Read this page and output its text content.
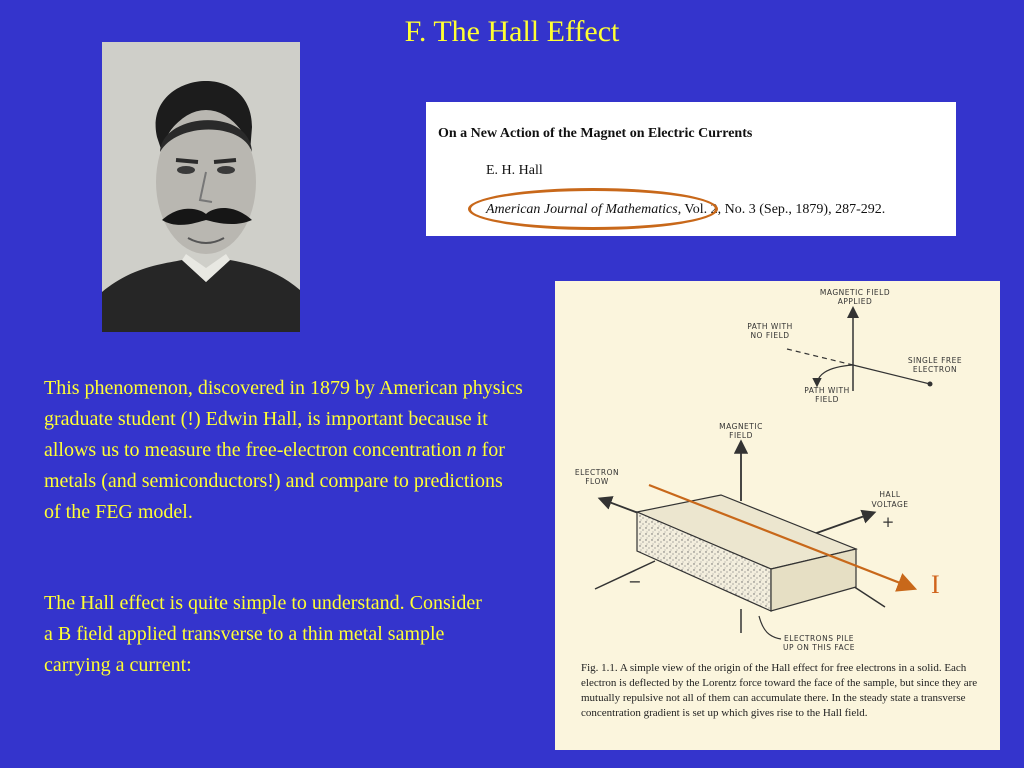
F. The Hall Effect
On a New Action of the Magnet on Electric Currents
E. H. Hall
American Journal of Mathematics, Vol. 2, No. 3 (Sep., 1879), 287-292.

This phenomenon, discovered in 1879 by American physics graduate student (!) Edwin Hall, is important because it allows us to measure the free-electron concentration n for metals (and semiconductors!) and compare to predictions of the FEG model.

The Hall effect is quite simple to understand. Consider a B field applied transverse to a thin metal sample carrying a current:

MAGNETIC FIELD
APPLIED
PATH WITH
NO FIELD
SINGLE FREE
ELECTRON
PATH WITH
FIELD
MAGNETIC
FIELD
ELECTRON
FLOW
HALL
VOLTAGE
+
−
ELECTRONS PILE
UP ON THIS FACE
Fig. 1.1. A simple view of the origin of the Hall effect for free electrons in a solid. Each electron is deflected by the Lorentz force toward the face of the sample, but since they are mutually repulsive not all of them can accumulate there. In the steady state a transverse concentration gradient is set up which gives rise to the Hall field.
I
